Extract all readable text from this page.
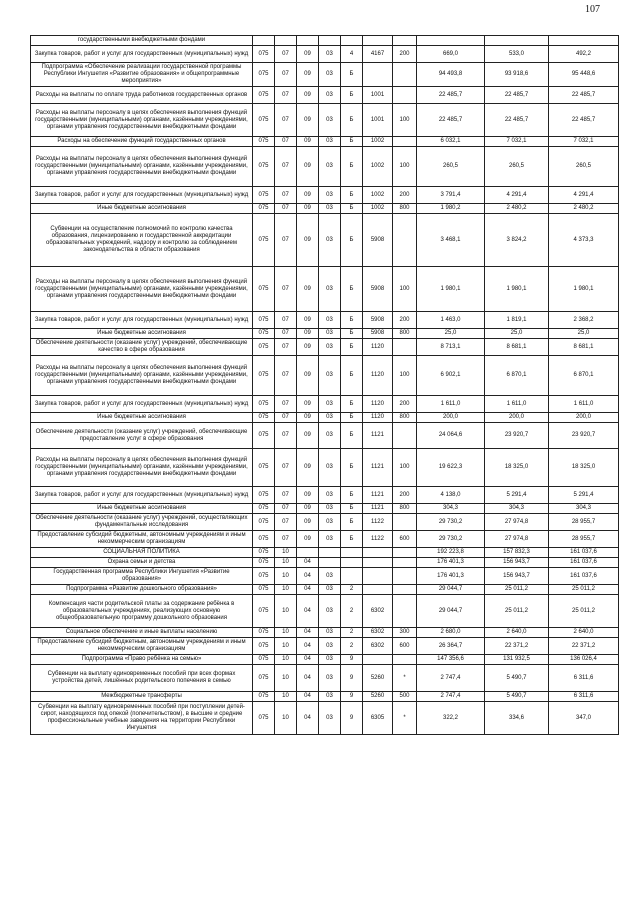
107
государственными внебюджетными фондами										
Закупка товаров, работ и услуг для государственных (муниципальных) нужд	075	07	09	03	4	4167	200	669,0	533,0	492,2
Подпрограмма «Обеспечение реализации государственной программы Республики Ингушетия «Развитие образования» и общепрограммные мероприятия»	075	07	09	03	Б			94 493,8	93 918,6	95 448,6
Расходы на выплаты по оплате труда работников государственных органов	075	07	09	03	Б	1001		22 485,7	22 485,7	22 485,7
Расходы на выплаты персоналу в целях обеспечения выполнения функций государственными (муниципальными) органами, казёнными учреждениями, органами управления государственными внебюджетными фондами	075	07	09	03	Б	1001	100	22 485,7	22 485,7	22 485,7
Расходы на обеспечение функций государственных органов	075	07	09	03	Б	1002		6 032,1	7 032,1	7 032,1
Расходы на выплаты персоналу в целях обеспечения выполнения функций государственными (муниципальными) органами, казёнными учреждениями, органами управления государственными внебюджетными фондами	075	07	09	03	Б	1002	100	260,5	260,5	260,5
Закупка товаров, работ и услуг для государственных (муниципальных) нужд	075	07	09	03	Б	1002	200	3 791,4	4 291,4	4 291,4
Иные бюджетные ассигнования	075	07	09	03	Б	1002	800	1 980,2	2 480,2	2 480,2
Субвенции на осуществление полномочий по контролю качества образования, лицензированию и государственной аккредитации образовательных учреждений, надзору и контролю за соблюдением законодательства в области образования	075	07	09	03	Б	5908		3 468,1	3 824,2	4 373,3
Расходы на выплаты персоналу в целях обеспечения выполнения функций государственными (муниципальными) органами, казёнными учреждениями, органами управления государственными внебюджетными фондами	075	07	09	03	Б	5908	100	1 980,1	1 980,1	1 980,1
Закупка товаров, работ и услуг для государственных (муниципальных) нужд	075	07	09	03	Б	5908	200	1 463,0	1 819,1	2 368,2
Иные бюджетные ассигнования	075	07	09	03	Б	5908	800	25,0	25,0	25,0
Обеспечение деятельности (оказание услуг) учреждений, обеспечивающие качество в сфере образования	075	07	09	03	Б	1120		8 713,1	8 681,1	8 681,1
Расходы на выплаты персоналу в целях обеспечения выполнения функций государственными (муниципальными) органами, казёнными учреждениями, органами управления государственными внебюджетными фондами	075	07	09	03	Б	1120	100	6 902,1	6 870,1	6 870,1
Закупка товаров, работ и услуг для государственных (муниципальных) нужд	075	07	09	03	Б	1120	200	1 611,0	1 611,0	1 611,0
Иные бюджетные ассигнования	075	07	09	03	Б	1120	800	200,0	200,0	200,0
Обеспечение деятельности (оказание услуг) учреждений, обеспечивающие предоставление услуг в сфере образования	075	07	09	03	Б	1121		24 064,6	23 920,7	23 920,7
Расходы на выплаты персоналу в целях обеспечения выполнения функций государственными (муниципальными) органами, казёнными учреждениями, органами управления государственными внебюджетными фондами	075	07	09	03	Б	1121	100	19 622,3	18 325,0	18 325,0
Закупка товаров, работ и услуг для государственных (муниципальных) нужд	075	07	09	03	Б	1121	200	4 138,0	5 291,4	5 291,4
Иные бюджетные ассигнования	075	07	09	03	Б	1121	800	304,3	304,3	304,3
Обеспечение деятельности (оказание услуг) учреждений, осуществляющих фундаментальные исследования	075	07	09	03	Б	1122		29 730,2	27 974,8	28 955,7
Предоставление субсидий бюджетным, автономным учреждениям и иным некоммерческим организациям	075	07	09	03	Б	1122	600	29 730,2	27 974,8	28 955,7
СОЦИАЛЬНАЯ ПОЛИТИКА	075	10						192 223,8	157 832,3	161 037,6
Охрана семьи и детства	075	10	04					176 401,3	156 943,7	161 037,6
Государственная программа Республики Ингушетия «Развитие образования»	075	10	04	03				176 401,3	156 943,7	161 037,6
Подпрограмма «Развитие дошкольного образования»	075	10	04	03	2			29 044,7	25 011,2	25 011,2
Компенсация части родительской платы за содержание ребёнка в образовательных учреждениях, реализующих основную общеобразовательную программу дошкольного образования	075	10	04	03	2	6302		29 044,7	25 011,2	25 011,2
Социальное обеспечение и иные выплаты населению	075	10	04	03	2	6302	300	2 680,0	2 640,0	2 640,0
Предоставление субсидий бюджетным, автономным учреждениям и иным некоммерческим организациям	075	10	04	03	2	6302	600	26 364,7	22 371,2	22 371,2
Подпрограмма «Право ребёнка на семью»	075	10	04	03	9			147 356,6	131 932,5	136 026,4
Субвенции на выплату единовременных пособий при всех формах устройства детей, лишённых родительского попечения в семью	075	10	04	03	9	5260	*	2 747,4	5 490,7	6 311,6
Межбюджетные трансферты	075	10	04	03	9	5260	500	2 747,4	5 490,7	6 311,6
Субвенции на выплату единовременных пособий при поступлении детей-сирот, находящихся под опекой (попечительством), в высшие и средние профессиональные учебные заведения на территории Республики Ингушетия	075	10	04	03	9	6305	*	322,2	334,6	347,0
